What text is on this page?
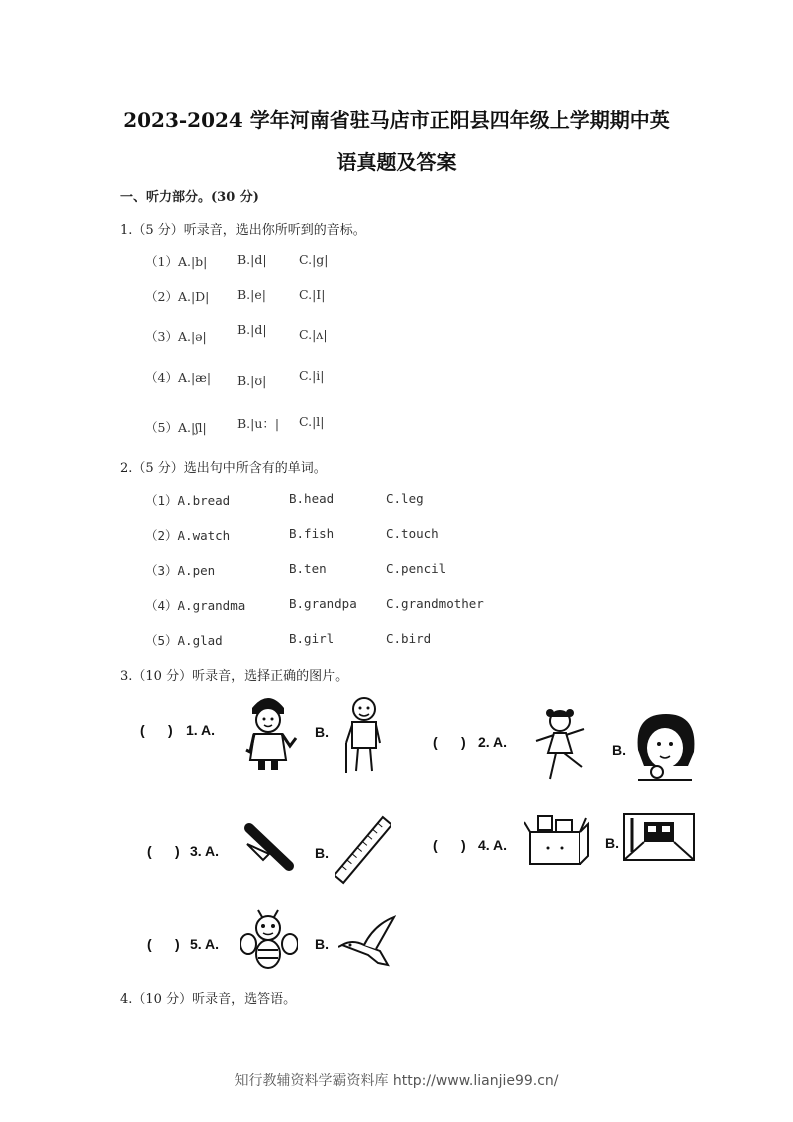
2023-2024 学年河南省驻马店市正阳县四年级上学期期中英
语真题及答案
一、听力部分。(30 分)
1.（5 分）听录音，选出你所听到的音标。
（1）A.|b| B.|d|	C.|g|
（2）A.|D| B.|e|	C.|I|
（3）A.|ə| B.|d|	C.|ʌ|
（4）A.|æ| B.|ʊ|	C.|i|
（5）A.|ʃl| B.|u：| C.|l|
2.（5 分）选出句中所含有的单词。
（1）A.bread	B.head	C.leg
（2）A.watch	B.fish	C.touch
（3）A.pen	B.ten	C.pencil
（4）A.grandma	B.grandpa C.grandmother
（5）A.glad	B.girl	C.bird
3.（10 分）听录音，选择正确的图片。
(      ) 1. A.	B.
(      ) 2. A.	B.
(      ) 3. A.	B.	(      ) 4. A.	B.
(      ) 5. A.	B.
4.（10 分）听录音，选答语。
知行教辅资料学霸资料库 http://www.lianjie99.cn/
